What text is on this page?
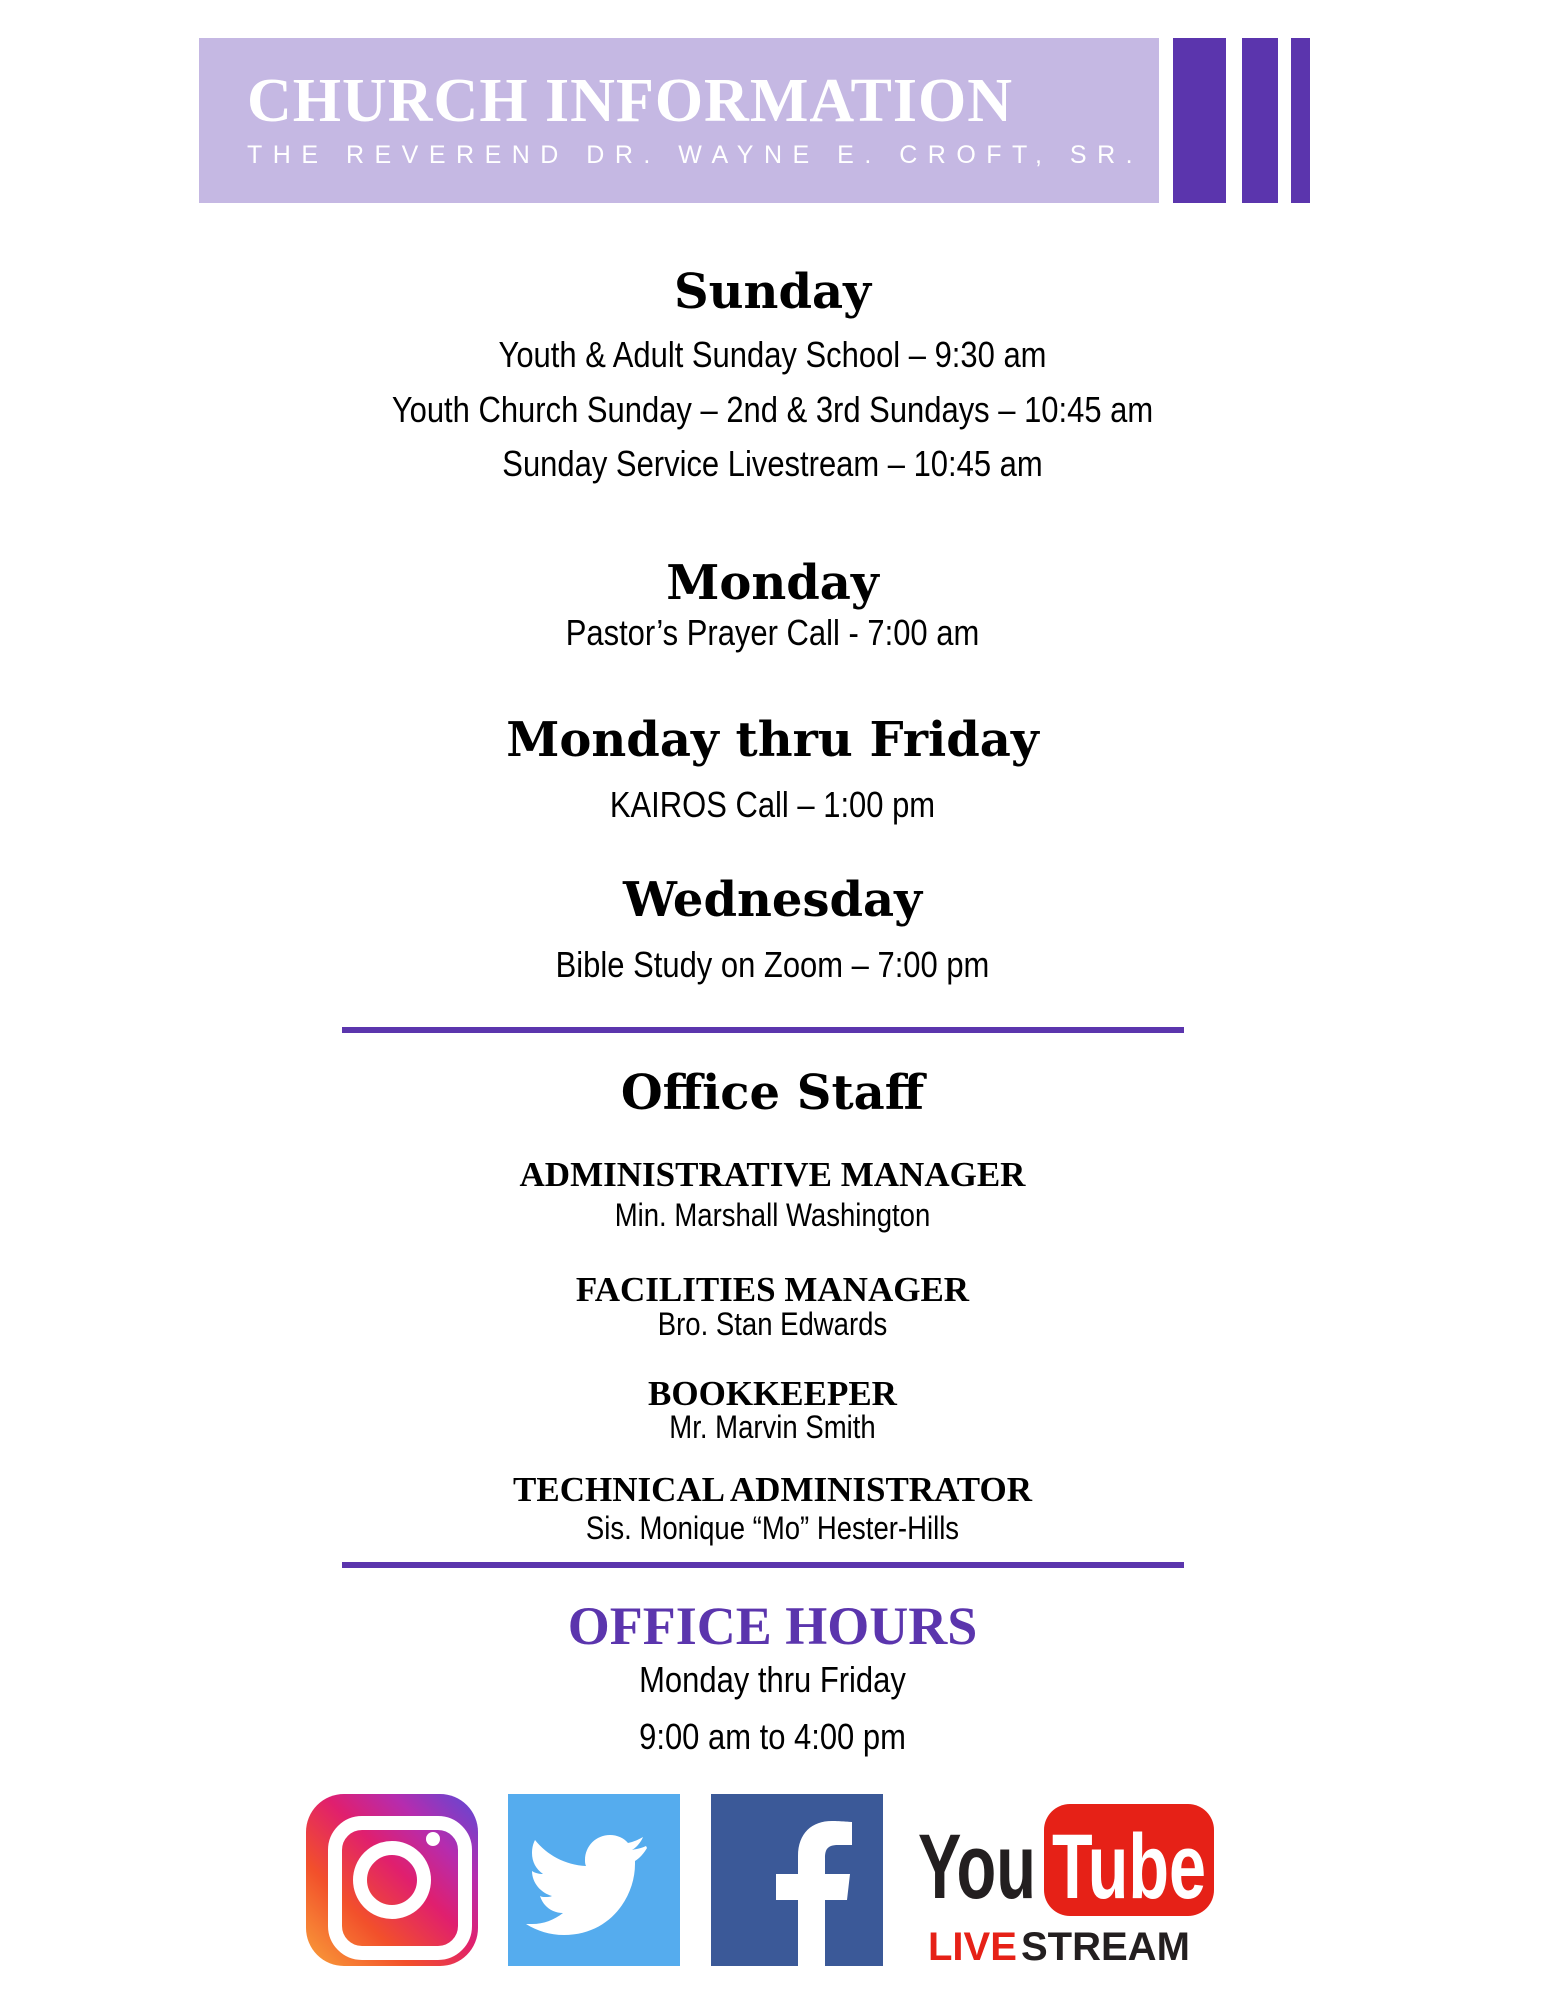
CHURCH INFORMATION
THE REVEREND DR. WAYNE E. CROFT, SR.
Sunday
Youth & Adult Sunday School – 9:30 am
Youth Church Sunday – 2nd & 3rd Sundays – 10:45 am
Sunday Service Livestream – 10:45 am
Monday
Pastor’s Prayer Call - 7:00 am
Monday thru Friday
KAIROS Call – 1:00 pm
Wednesday
Bible Study on Zoom – 7:00 pm
Office Staff
ADMINISTRATIVE MANAGER
Min. Marshall Washington
FACILITIES MANAGER
Bro. Stan Edwards
BOOKKEEPER
Mr. Marvin Smith
TECHNICAL ADMINISTRATOR
Sis. Monique “Mo” Hester-Hills
OFFICE HOURS
Monday thru Friday
9:00 am to 4:00 pm
You Tube
LIVE STREAM
